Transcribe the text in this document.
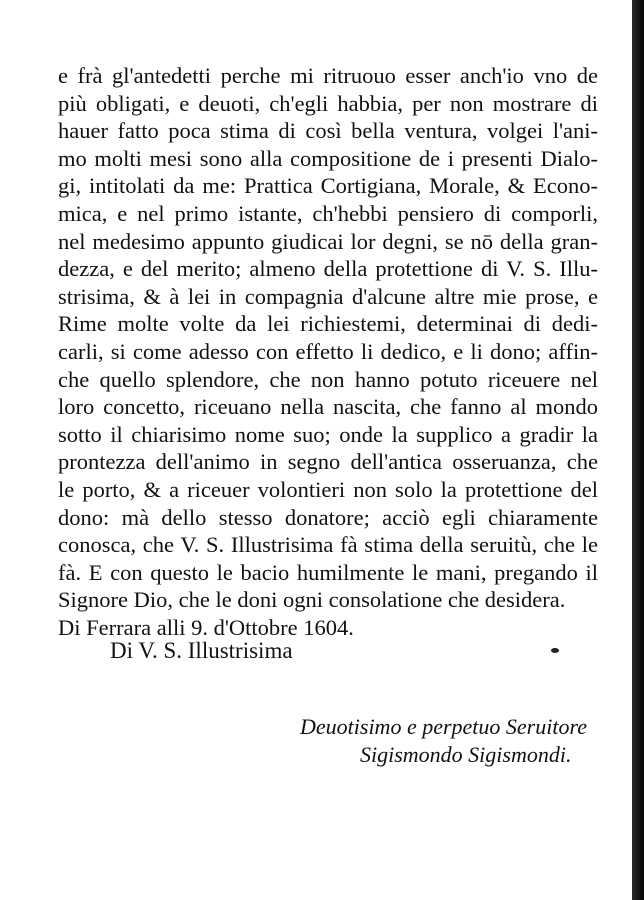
e frà gl'antedetti perche mi ritruouo esser anch'io vno de
più obligati, e deuoti, ch'egli habbia, per non mostrare di
hauer fatto poca stima di così bella ventura, volgei l'ani-
mo molti mesi sono alla compositione de i presenti Dialo-
gi, intitolati da me: Prattica Cortigiana, Morale, & Econo-
mica, e nel primo istante, ch'hebbi pensiero di comporli,
nel medesimo appunto giudicai lor degni, se nō della gran-
dezza, e del merito; almeno della protettione di V. S. Illu-
strisima, & à lei in compagnia d'alcune altre mie prose, e
Rime molte volte da lei richiestemi, determinai di dedi-
carli, si come adesso con effetto li dedico, e li dono; affin-
che quello splendore, che non hanno potuto riceuere nel
loro concetto, riceuano nella nascita, che fanno al mondo
sotto il chiarisimo nome suo; onde la supplico a gradir la
prontezza dell'animo in segno dell'antica osseruanza, che
le porto, & a riceuer volontieri non solo la protettione del
dono: mà dello stesso donatore; acciò egli chiaramente
conosca, che V. S. Illustrisima fà stima della seruitù, che le
fà. E con questo le bacio humilmente le mani, pregando il
Signore Dio, che le doni ogni consolatione che desidera.
Di Ferrara alli 9. d'Ottobre 1604.
Di V. S. Illustrisima
Deuotisimo e perpetuo Seruitore
Sigismondo Sigismondi.
